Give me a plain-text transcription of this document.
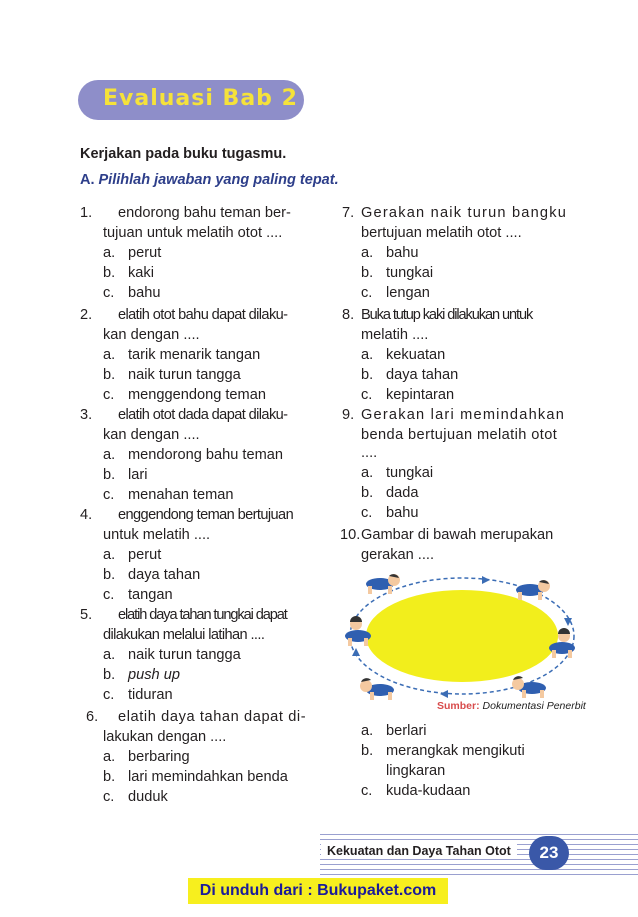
Evaluasi Bab 2
Kerjakan pada buku tugasmu.
A. Pilihlah jawaban yang paling tepat.
1. endorong bahu teman ber-
tujuan untuk melatih otot ....
a. perut
b. kaki
c. bahu
2. elatih otot bahu dapat dilaku-
kan dengan ....
a. tarik menarik tangan
b. naik turun tangga
c. menggendong teman
3. elatih otot dada dapat dilaku-
kan dengan ....
a. mendorong bahu teman
b. lari
c. menahan teman
4. enggendong teman bertujuan
untuk melatih ....
a. perut
b. daya tahan
c. tangan
5. elatih daya tahan tungkai dapat
dilakukan melalui latihan ....
a. naik turun tangga
b. push up
c. tiduran
6. elatih daya tahan dapat di-
lakukan dengan ....
a. berbaring
b. lari memindahkan benda
c. duduk
7. Gerakan naik turun bangku
bertujuan melatih otot ....
a. bahu
b. tungkai
c. lengan
8. Buka tutup kaki dilakukan untuk
melatih ....
a. kekuatan
b. daya tahan
c. kepintaran
9. Gerakan lari memindahkan
benda bertujuan melatih otot
....
a. tungkai
b. dada
c. bahu
10. Gambar di bawah merupakan
gerakan ....
Sumber: Dokumentasi Penerbit
a. berlari
b. merangkak mengikuti
lingkaran
c. kuda-kudaan
Kekuatan dan Daya Tahan Otot	23
Di unduh dari : Bukupaket.com
